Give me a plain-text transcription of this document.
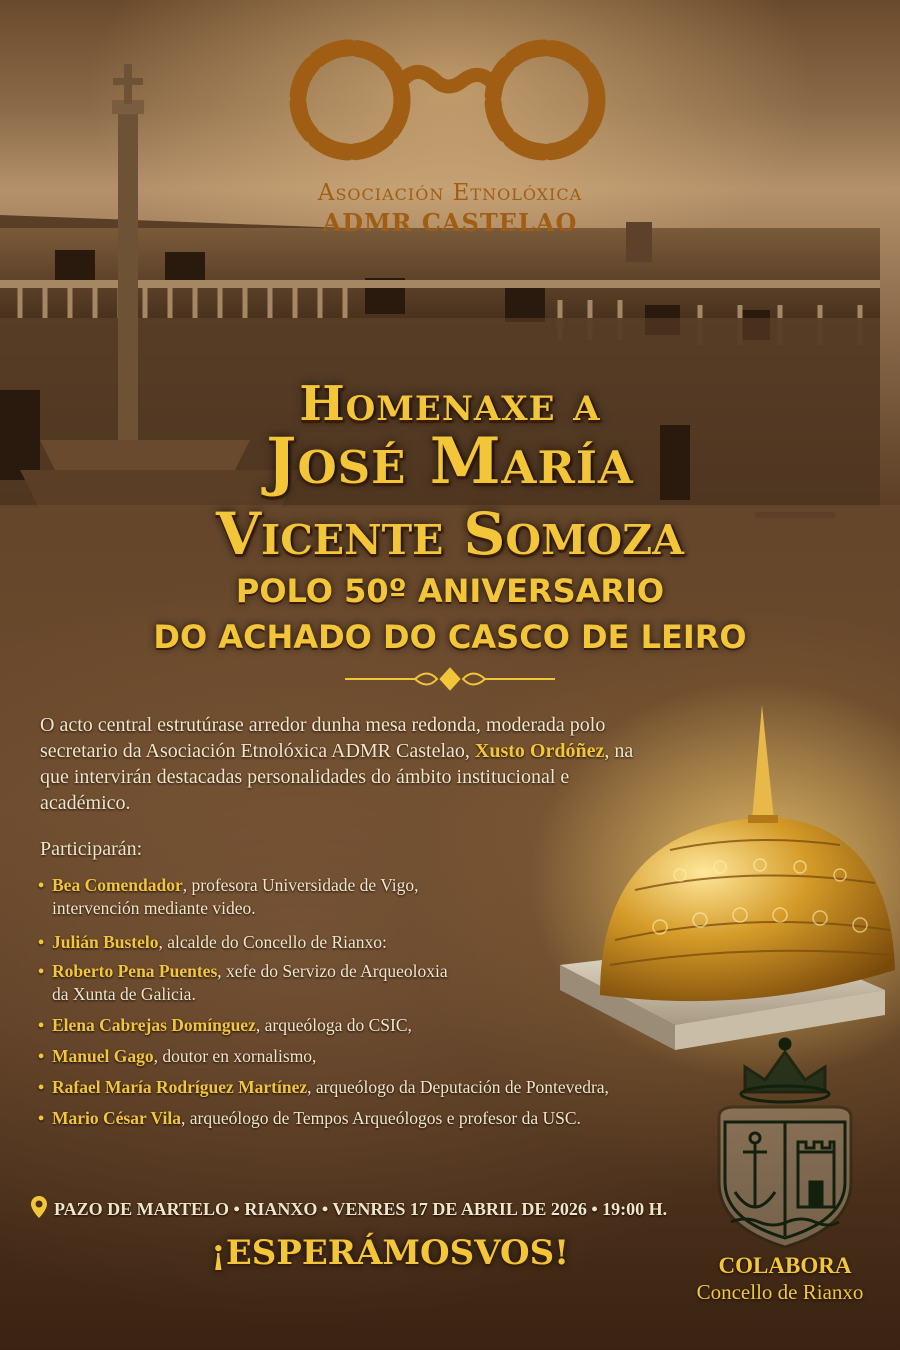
Asociación Etnolóxica
ADMR CASTELAO
Homenaxe a
José María
Vicente Somoza
POLO 50º ANIVERSARIO
DO ACHADO DO CASCO DE LEIRO
O acto central estrutúrase arredor dunha mesa redonda, moderada polo secretario da Asociación Etnolóxica ADMR Castelao, Xusto Ordóñez, na que intervirán destacadas personalidades do ámbito institucional e académico.
Participarán:
• Bea Comendador, profesora Universidade de Vigo,
intervención mediante video.
• Julián Bustelo, alcalde do Concello de Rianxo:
• Roberto Pena Puentes, xefe do Servizo de Arqueoloxia
da Xunta de Galicia.
• Elena Cabrejas Domínguez, arqueóloga do CSIC,
• Manuel Gago, doutor en xornalismo,
• Rafael María Rodríguez Martínez, arqueólogo da Deputación de Pontevedra,
• Mario César Vila, arqueólogo de Tempos Arqueólogos e profesor da USC.
PAZO DE MARTELO • RIANXO • VENRES 17 DE ABRIL DE 2026 • 19:00 H.
¡ESPERÁMOSVOS!	COLABORA
Concello de Rianxo
